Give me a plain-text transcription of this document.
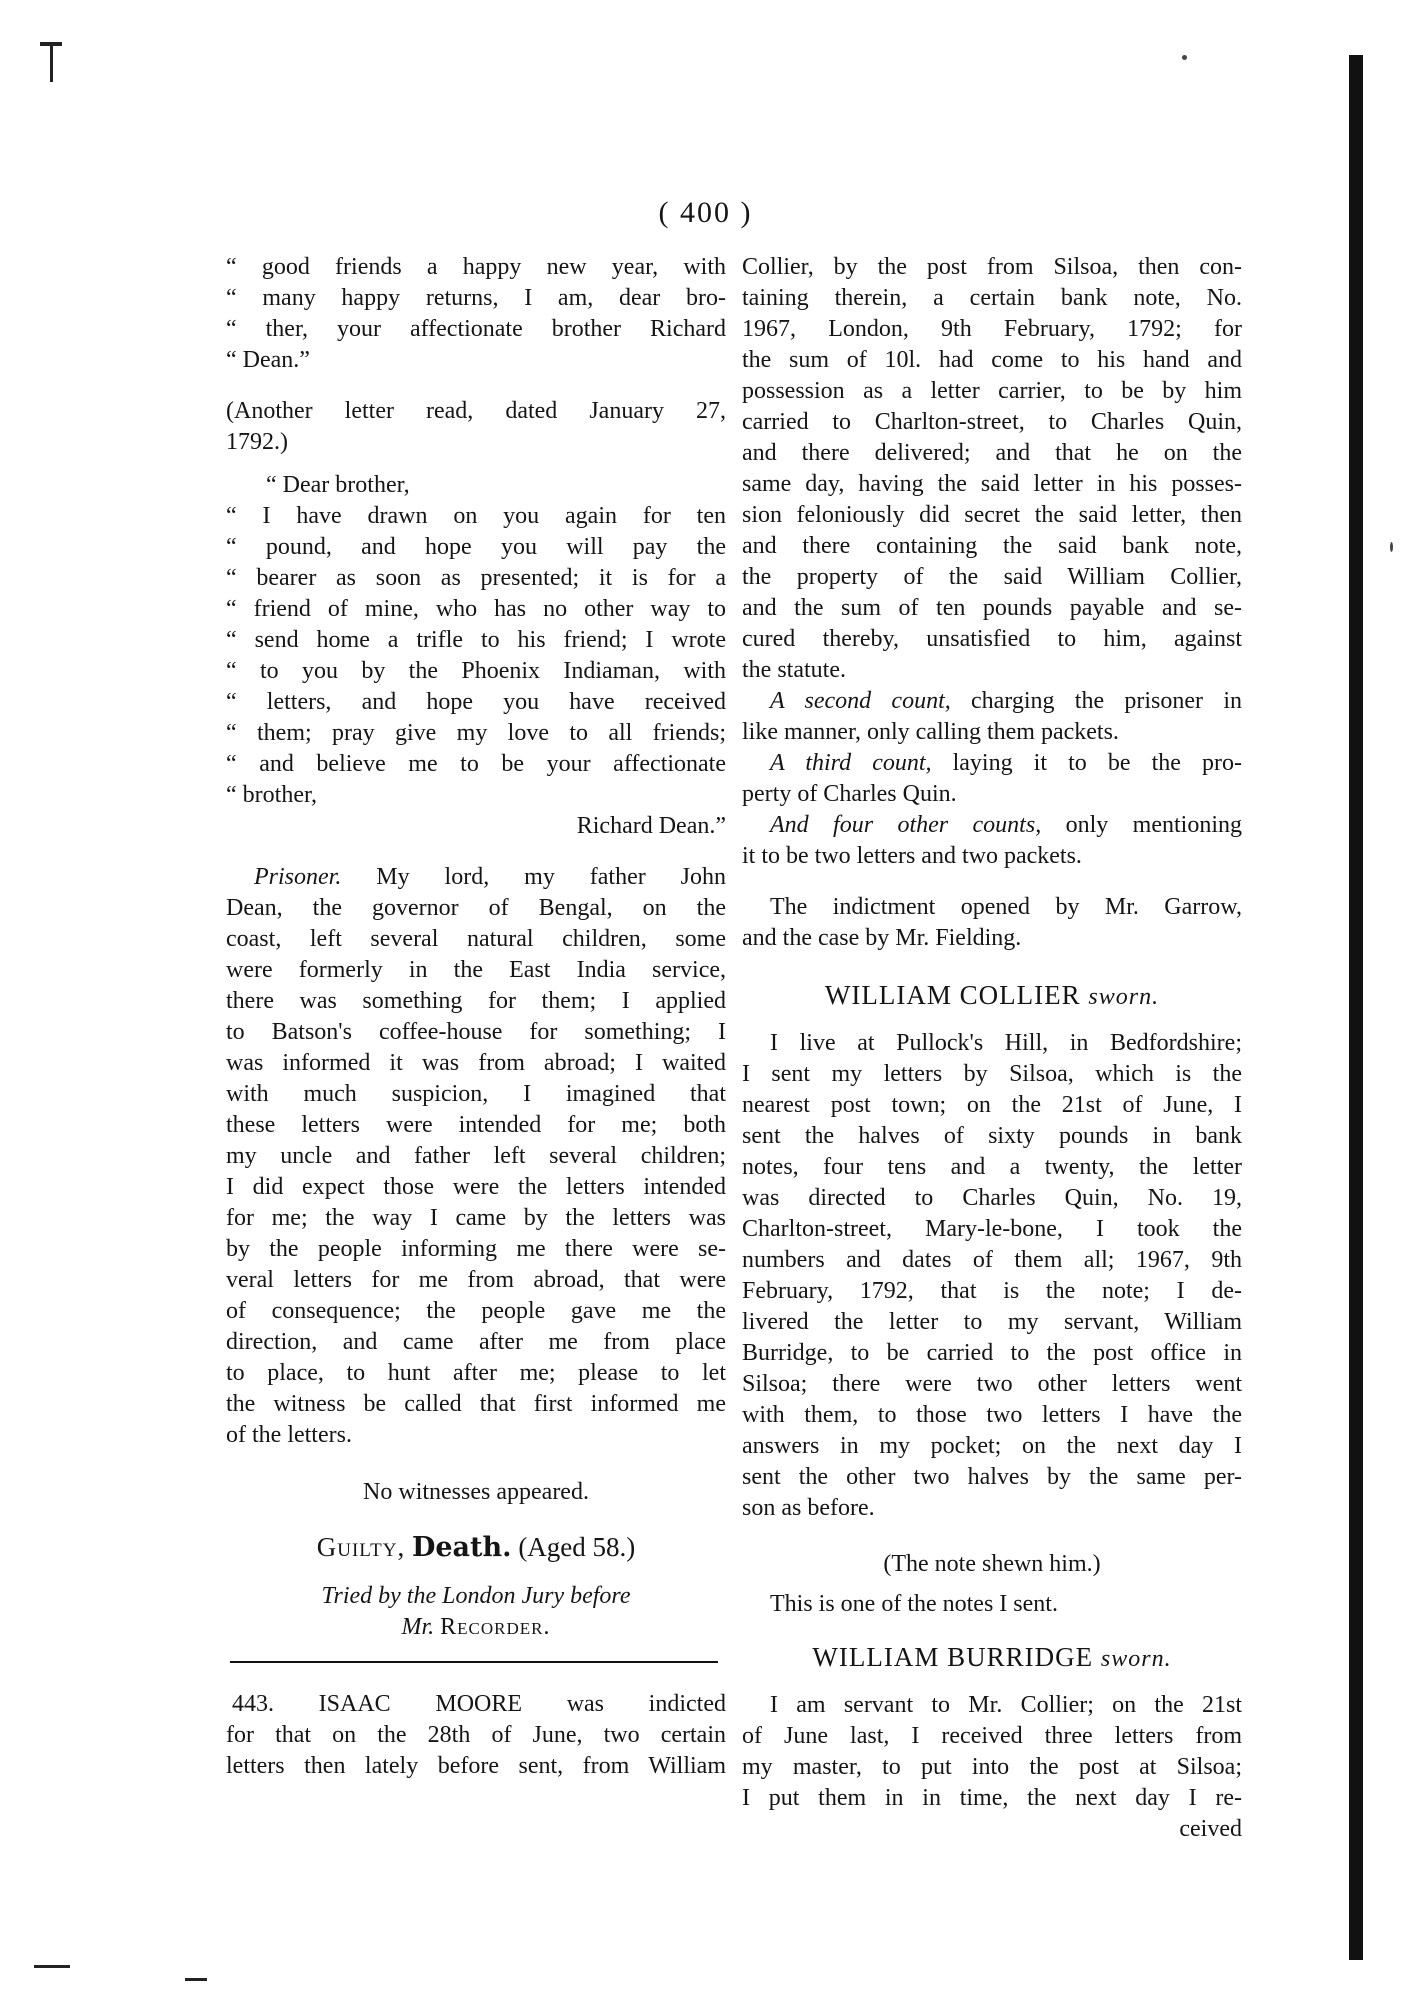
( 400 )
“ good friends a happy new year, with
“ many happy returns, I am, dear bro-
“ ther, your affectionate brother Richard
“ Dean.”
(Another letter read, dated January 27,
1792.)
“ Dear brother,
“ I have drawn on you again for ten
“ pound, and hope you will pay the
“ bearer as soon as presented; it is for a
“ friend of mine, who has no other way to
“ send home a trifle to his friend; I wrote
“ to you by the Phoenix Indiaman, with
“ letters, and hope you have received
“ them; pray give my love to all friends;
“ and believe me to be your affectionate
“ brother,
Richard Dean.”
Prisoner. My lord, my father John
Dean, the governor of Bengal, on the
coast, left several natural children, some
were formerly in the East India service,
there was something for them; I applied
to Batson's coffee-house for something; I
was informed it was from abroad; I waited
with much suspicion, I imagined that
these letters were intended for me; both
my uncle and father left several children;
I did expect those were the letters intended
for me; the way I came by the letters was
by the people informing me there were se-
veral letters for me from abroad, that were
of consequence; the people gave me the
direction, and came after me from place
to place, to hunt after me; please to let
the witness be called that first informed me
of the letters.
No witnesses appeared.
Guilty, Death. (Aged 58.)
Tried by the London Jury before
Mr. Recorder.
443. ISAAC MOORE was indicted
for that on the 28th of June, two certain
letters then lately before sent, from William
Collier, by the post from Silsoa, then con-
taining therein, a certain bank note, No.
1967, London, 9th February, 1792; for
the sum of 10l. had come to his hand and
possession as a letter carrier, to be by him
carried to Charlton-street, to Charles Quin,
and there delivered; and that he on the
same day, having the said letter in his posses-
sion feloniously did secret the said letter, then
and there containing the said bank note,
the property of the said William Collier,
and the sum of ten pounds payable and se-
cured thereby, unsatisfied to him, against
the statute.
A second count, charging the prisoner in
like manner, only calling them packets.
A third count, laying it to be the pro-
perty of Charles Quin.
And four other counts, only mentioning
it to be two letters and two packets.
The indictment opened by Mr. Garrow,
and the case by Mr. Fielding.
WILLIAM COLLIER sworn.
I live at Pullock's Hill, in Bedfordshire;
I sent my letters by Silsoa, which is the
nearest post town; on the 21st of June, I
sent the halves of sixty pounds in bank
notes, four tens and a twenty, the letter
was directed to Charles Quin, No. 19,
Charlton-street, Mary-le-bone, I took the
numbers and dates of them all; 1967, 9th
February, 1792, that is the note; I de-
livered the letter to my servant, William
Burridge, to be carried to the post office in
Silsoa; there were two other letters went
with them, to those two letters I have the
answers in my pocket; on the next day I
sent the other two halves by the same per-
son as before.
(The note shewn him.)
This is one of the notes I sent.
WILLIAM BURRIDGE sworn.
I am servant to Mr. Collier; on the 21st
of June last, I received three letters from
my master, to put into the post at Silsoa;
I put them in in time, the next day I re-
ceived
